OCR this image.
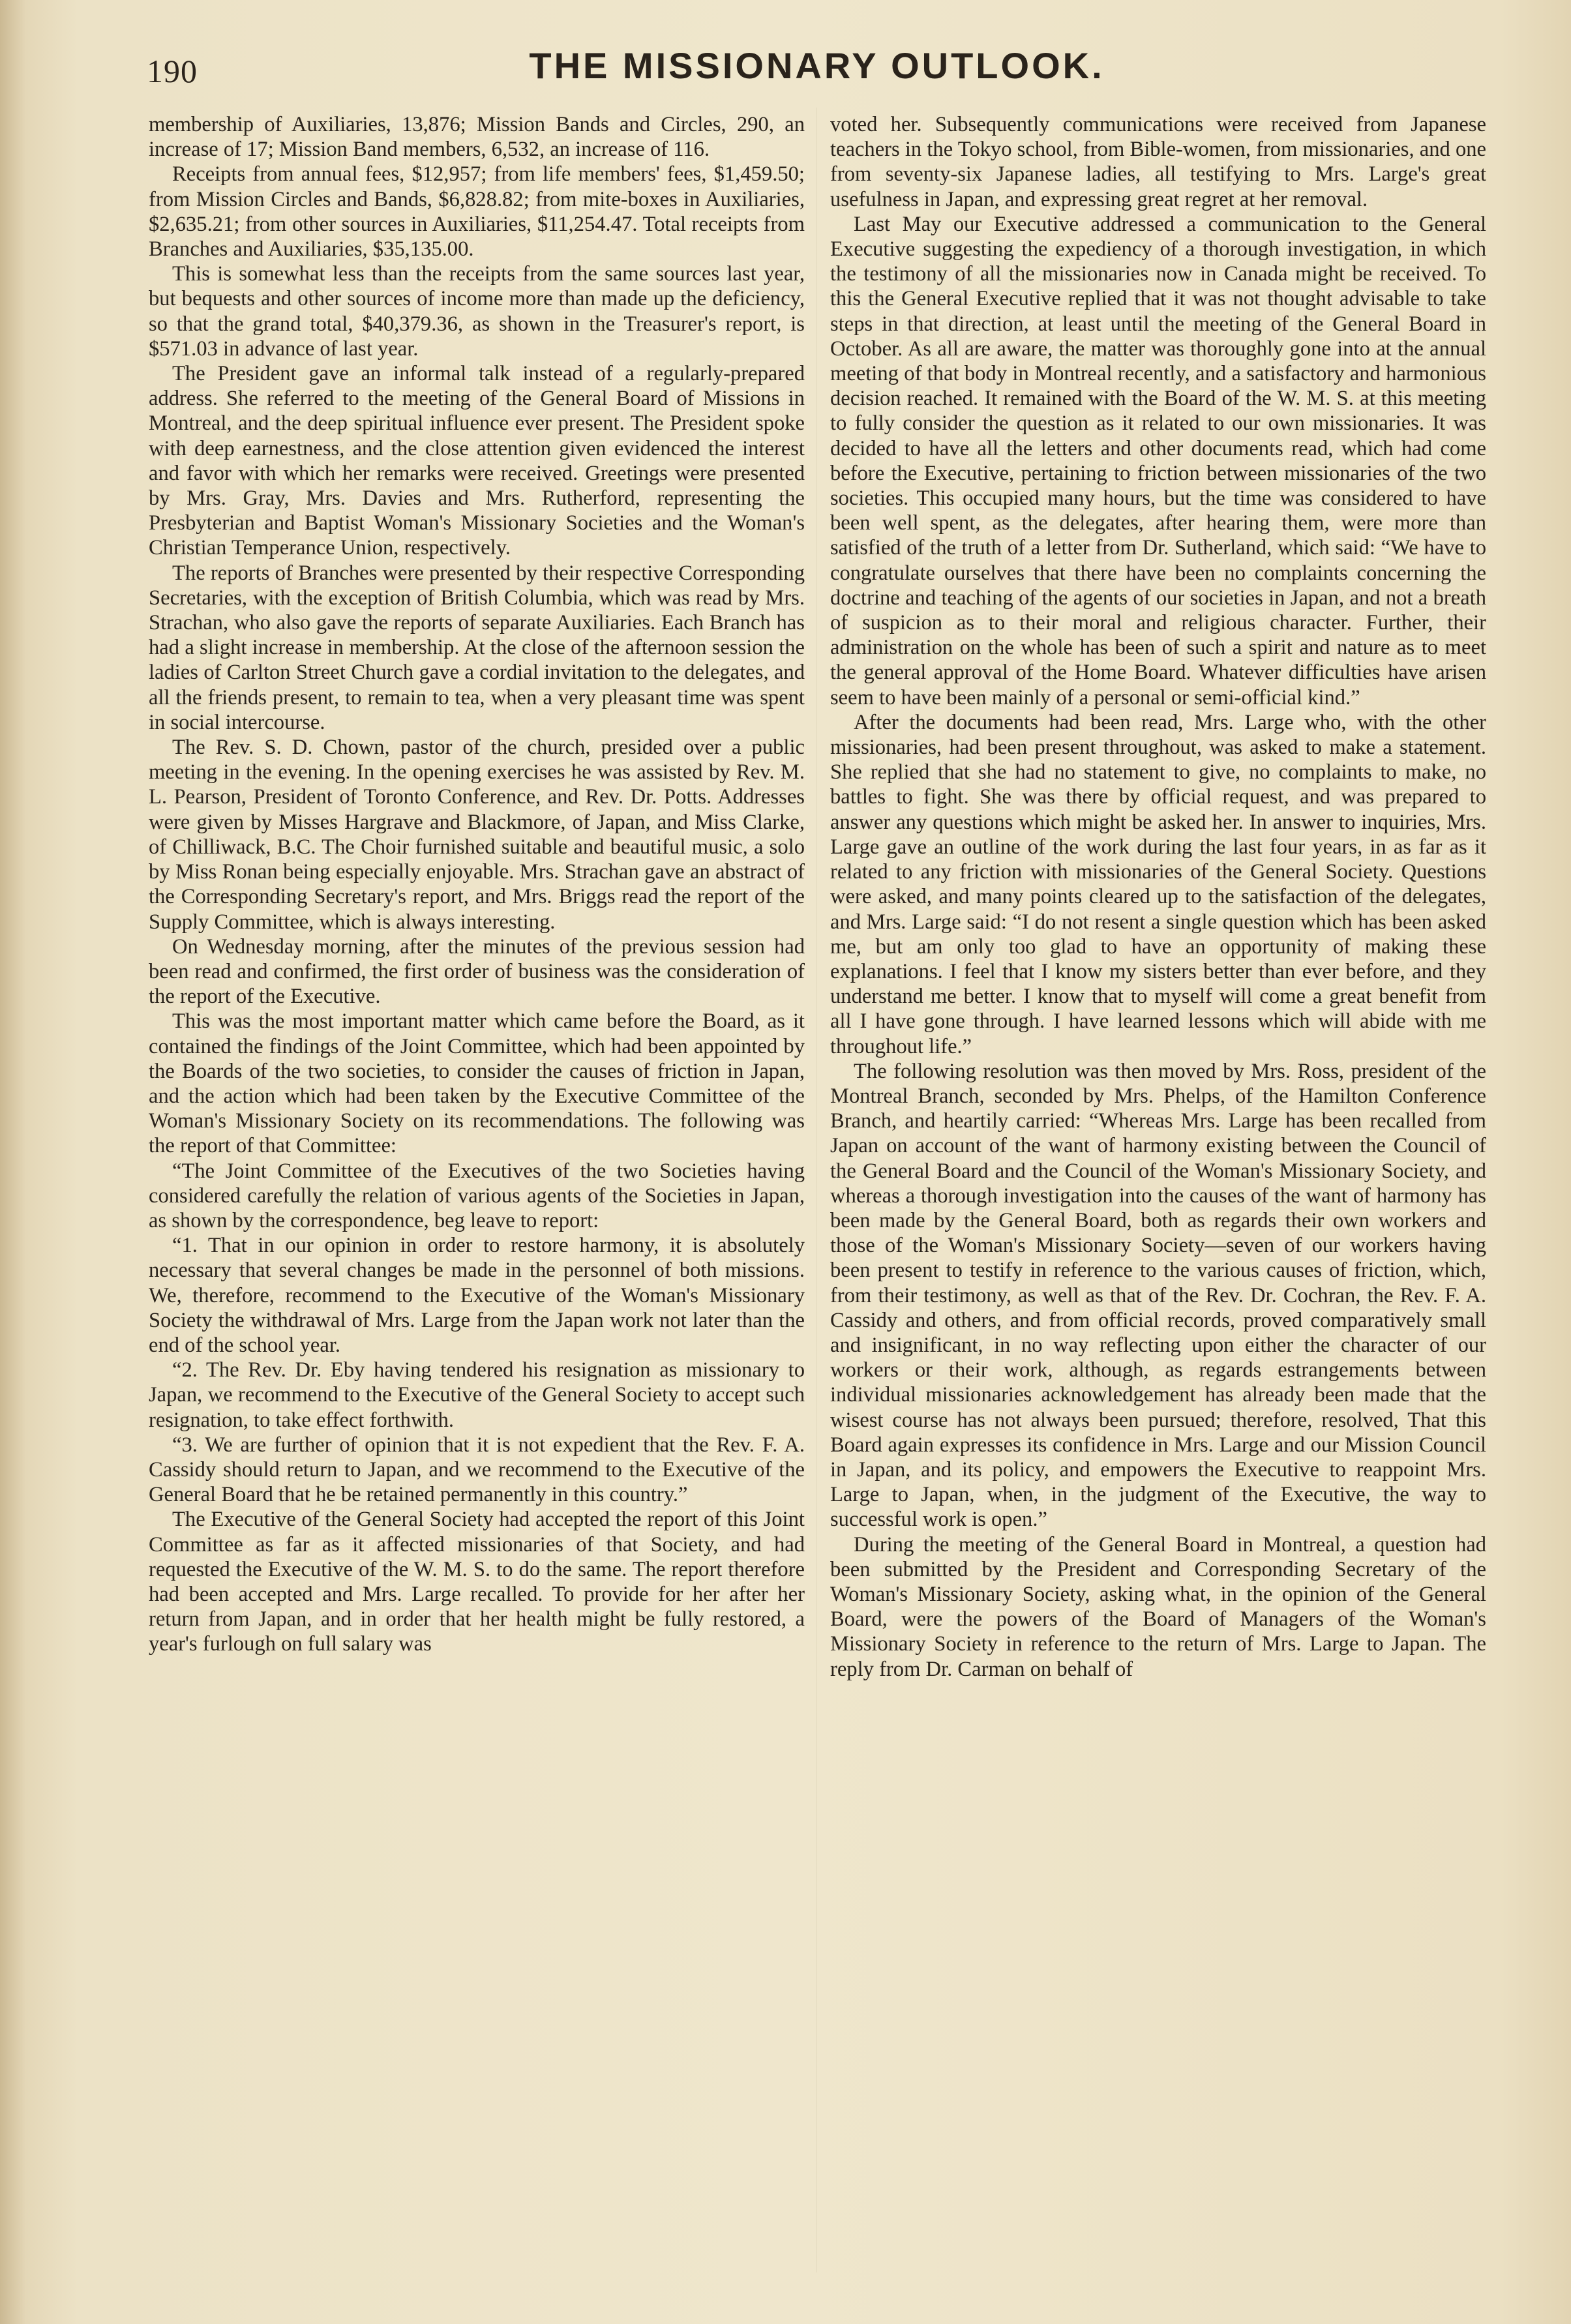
190	THE MISSIONARY OUTLOOK.

membership of Auxiliaries, 13,876; Mission Bands and Circles, 290, an increase of 17; Mission Band members, 6,532, an increase of 116.

Receipts from annual fees, $12,957; from life members' fees, $1,459.50; from Mission Circles and Bands, $6,828.82; from mite-boxes in Auxiliaries, $2,635.21; from other sources in Auxiliaries, $11,254.47. Total receipts from Branches and Auxiliaries, $35,135.00.

This is somewhat less than the receipts from the same sources last year, but bequests and other sources of income more than made up the deficiency, so that the grand total, $40,379.36, as shown in the Treasurer's report, is $571.03 in advance of last year.

The President gave an informal talk instead of a regularly-prepared address. She referred to the meeting of the General Board of Missions in Montreal, and the deep spiritual influence ever present. The President spoke with deep earnestness, and the close attention given evidenced the interest and favor with which her remarks were received. Greetings were presented by Mrs. Gray, Mrs. Davies and Mrs. Rutherford, representing the Presbyterian and Baptist Woman's Missionary Societies and the Woman's Christian Temperance Union, respectively.

The reports of Branches were presented by their respective Corresponding Secretaries, with the exception of British Columbia, which was read by Mrs. Strachan, who also gave the reports of separate Auxiliaries. Each Branch has had a slight increase in membership. At the close of the afternoon session the ladies of Carlton Street Church gave a cordial invitation to the delegates, and all the friends present, to remain to tea, when a very pleasant time was spent in social intercourse.

The Rev. S. D. Chown, pastor of the church, presided over a public meeting in the evening. In the opening exercises he was assisted by Rev. M. L. Pearson, President of Toronto Conference, and Rev. Dr. Potts. Addresses were given by Misses Hargrave and Blackmore, of Japan, and Miss Clarke, of Chilliwack, B.C. The Choir furnished suitable and beautiful music, a solo by Miss Ronan being especially enjoyable. Mrs. Strachan gave an abstract of the Corresponding Secretary's report, and Mrs. Briggs read the report of the Supply Committee, which is always interesting.

On Wednesday morning, after the minutes of the previous session had been read and confirmed, the first order of business was the consideration of the report of the Executive.

This was the most important matter which came before the Board, as it contained the findings of the Joint Committee, which had been appointed by the Boards of the two societies, to consider the causes of friction in Japan, and the action which had been taken by the Executive Committee of the Woman's Missionary Society on its recommendations. The following was the report of that Committee:

“The Joint Committee of the Executives of the two Societies having considered carefully the relation of various agents of the Societies in Japan, as shown by the correspondence, beg leave to report:

“1. That in our opinion in order to restore harmony, it is absolutely necessary that several changes be made in the personnel of both missions. We, therefore, recommend to the Executive of the Woman's Missionary Society the withdrawal of Mrs. Large from the Japan work not later than the end of the school year.

“2. The Rev. Dr. Eby having tendered his resignation as missionary to Japan, we recommend to the Executive of the General Society to accept such resignation, to take effect forthwith.

“3. We are further of opinion that it is not expedient that the Rev. F. A. Cassidy should return to Japan, and we recommend to the Executive of the General Board that he be retained permanently in this country.”

The Executive of the General Society had accepted the report of this Joint Committee as far as it affected missionaries of that Society, and had requested the Executive of the W. M. S. to do the same. The report therefore had been accepted and Mrs. Large recalled. To provide for her after her return from Japan, and in order that her health might be fully restored, a year's furlough on full salary was

voted her. Subsequently communications were received from Japanese teachers in the Tokyo school, from Bible-women, from missionaries, and one from seventy-six Japanese ladies, all testifying to Mrs. Large's great usefulness in Japan, and expressing great regret at her removal.

Last May our Executive addressed a communication to the General Executive suggesting the expediency of a thorough investigation, in which the testimony of all the missionaries now in Canada might be received. To this the General Executive replied that it was not thought advisable to take steps in that direction, at least until the meeting of the General Board in October. As all are aware, the matter was thoroughly gone into at the annual meeting of that body in Montreal recently, and a satisfactory and harmonious decision reached. It remained with the Board of the W. M. S. at this meeting to fully consider the question as it related to our own missionaries. It was decided to have all the letters and other documents read, which had come before the Executive, pertaining to friction between missionaries of the two societies. This occupied many hours, but the time was considered to have been well spent, as the delegates, after hearing them, were more than satisfied of the truth of a letter from Dr. Sutherland, which said: “We have to congratulate ourselves that there have been no complaints concerning the doctrine and teaching of the agents of our societies in Japan, and not a breath of suspicion as to their moral and religious character. Further, their administration on the whole has been of such a spirit and nature as to meet the general approval of the Home Board. Whatever difficulties have arisen seem to have been mainly of a personal or semi-official kind.”

After the documents had been read, Mrs. Large who, with the other missionaries, had been present throughout, was asked to make a statement. She replied that she had no statement to give, no complaints to make, no battles to fight. She was there by official request, and was prepared to answer any questions which might be asked her. In answer to inquiries, Mrs. Large gave an outline of the work during the last four years, in as far as it related to any friction with missionaries of the General Society. Questions were asked, and many points cleared up to the satisfaction of the delegates, and Mrs. Large said: “I do not resent a single question which has been asked me, but am only too glad to have an opportunity of making these explanations. I feel that I know my sisters better than ever before, and they understand me better. I know that to myself will come a great benefit from all I have gone through. I have learned lessons which will abide with me throughout life.”

The following resolution was then moved by Mrs. Ross, president of the Montreal Branch, seconded by Mrs. Phelps, of the Hamilton Conference Branch, and heartily carried: “Whereas Mrs. Large has been recalled from Japan on account of the want of harmony existing between the Council of the General Board and the Council of the Woman's Missionary Society, and whereas a thorough investigation into the causes of the want of harmony has been made by the General Board, both as regards their own workers and those of the Woman's Missionary Society—seven of our workers having been present to testify in reference to the various causes of friction, which, from their testimony, as well as that of the Rev. Dr. Cochran, the Rev. F. A. Cassidy and others, and from official records, proved comparatively small and insignificant, in no way reflecting upon either the character of our workers or their work, although, as regards estrangements between individual missionaries acknowledgement has already been made that the wisest course has not always been pursued; therefore, resolved, That this Board again expresses its confidence in Mrs. Large and our Mission Council in Japan, and its policy, and empowers the Executive to reappoint Mrs. Large to Japan, when, in the judgment of the Executive, the way to successful work is open.”

During the meeting of the General Board in Montreal, a question had been submitted by the President and Corresponding Secretary of the Woman's Missionary Society, asking what, in the opinion of the General Board, were the powers of the Board of Managers of the Woman's Missionary Society in reference to the return of Mrs. Large to Japan. The reply from Dr. Carman on behalf of
